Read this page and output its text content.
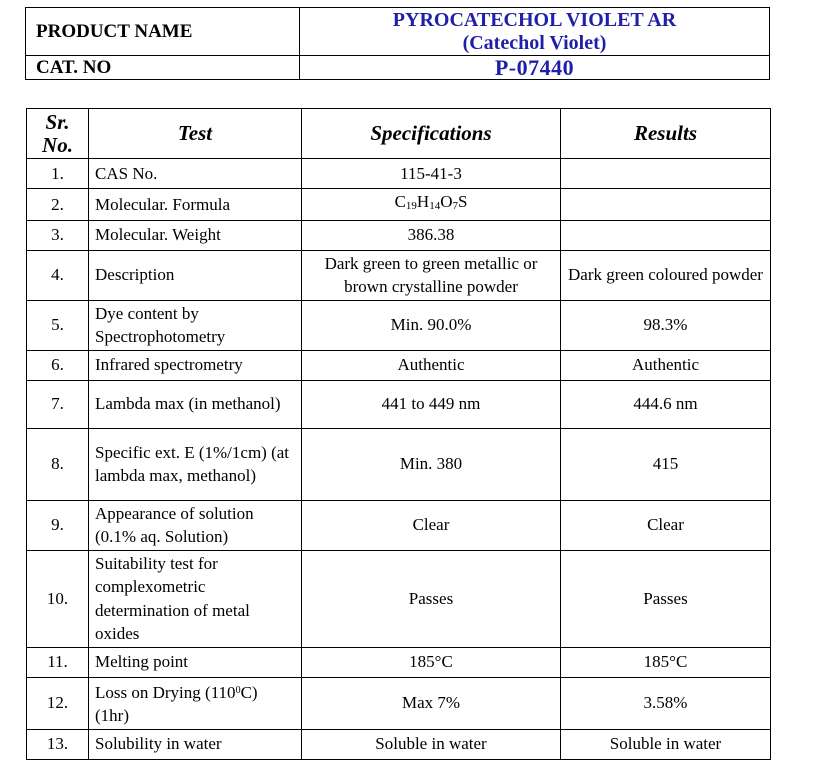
PRODUCT NAME	PYROCATECHOL VIOLET AR
(Catechol Violet)

CAT. NO	P-07440
Sr.
No.	Test	Specifications	Results
1.	CAS No.	115-41-3	
2.	Molecular. Formula	$C_{19}H_{14}O_7S$	
3.	Molecular. Weight	386.38	
4.	Description	Dark green to green metallic or brown crystalline powder	Dark green coloured powder
5.	Dye content by Spectrophotometry	Min. 90.0%	98.3%
6.	Infrared spectrometry	Authentic	Authentic
7.	Lambda max (in methanol)	441 to 449 nm	444.6 nm
8.	Specific ext. E (1%/1cm) (at lambda max, methanol)	Min. 380	415
9.	Appearance of solution (0.1% aq. Solution)	Clear	Clear
10.	Suitability test for complexometric determination of metal oxides	Passes	Passes
11.	Melting point	185°C	185°C
12.	Loss on Drying $(110^0C)$ (1hr)	Max 7%	3.58%
13.	Solubility in water	Soluble in water	Soluble in water
